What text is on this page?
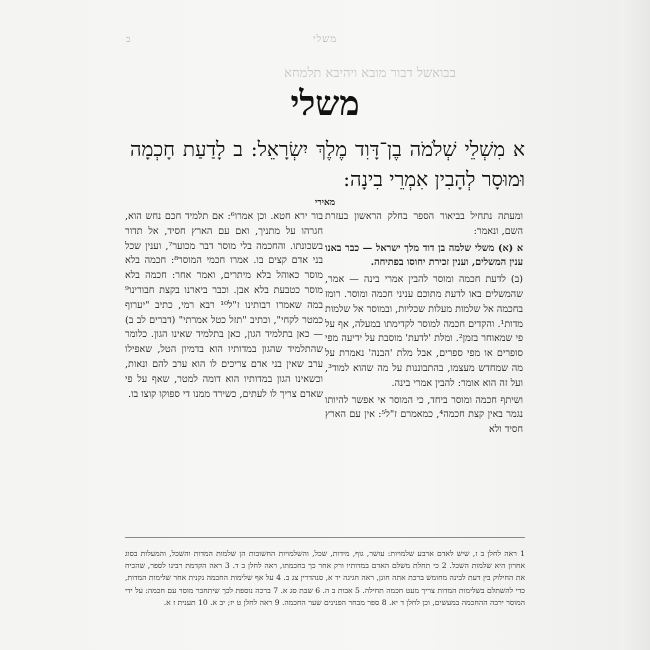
ב	משלי
בבואשל דבור מובא ויהיבא תלמחא
משלי
א מִשְׁלֵי שְׁלֹמֹה בֶן־דָּוִד מֶלֶךְ יִשְׂרָאֵל: ב לָדַעַת חָכְמָה וּמוּסָר לְהָבִין אִמְרֵי בִינָה:
מאירי

ומעתה נתחיל בביאור הספר בחלק הראשון בעזרת השם, ונאמר:

א (א) משלי שלמה בן דוד מלך ישראל — כבר באנו ענין המשלים, וענין זכירת יחוסו בפתיחה.

(ב) לדעת חכמה ומוסר להבין אמרי בינה — אמר, שהמשלים באו לדעת מתוכם עניני חכמה ומוסר. רומז בחכמה אל שלמות מעלות שכליות, ובמוסר אל שלמות מדות¹. והקדים חכמה למוסר לקדימתו במעלה, אף על פי שמאוחר בזמן². ומלת 'לדעת' מוסבת על ידיעה מפי סופרים או מפי ספרים, אבל מלת 'הבנה' נאמרת על מה שמחדש מעצמו, בהתבוננות על מה שהוא למוד³, ועל זה הוא אומר: להבין אמרי בינה.

ושיתף חכמה ומוסר ביחד, כי המוסר אי אפשר להיותו נגמר באין קצת חכמה⁴, כמאמרם ז"ל⁵: אין עם הארץ חסיד ולא

בור ירא חטא. וכן אמרו⁶: אם תלמיד חכם נחש הוא, חגרהו על מתניך, ואם עם הארץ חסיד, אל תדור בשכונתו. והחכמה בלי מוסר דבר מכוער⁷, וענין שכל בני אדם קצים בו. אמרו חכמי המוסר⁸: חכמה בלא מוסר כאוהל בלא מיתרים, ואמר אחר: חכמה בלא מוסר כטבעת בלא אבן. וכבר ביארנו בקצת חבורינו⁹ במה שאמרו רבותינו ז"ל¹⁰ רבא רמי, כתיב "יערוף כמטר לקחי", וכתיב "תזל כטל אמרתי" (דברים לב ב) — כאן בתלמיד הגון, כאן בתלמיד שאינו הגון. כלומר שהתלמיד שהגון במדותיו הוא בדמיון הטל, שאפילו ערב שאין בני אדם צריכים לו הוא ערב להם ונאות, וכשאינו הגון במדותיו הוא דומה למטר, שאף על פי שאדם צריך לו לעתים, כשירד ממנו די ספוקו קוצו בו.

1 ראה לחלן ב ז, שיש לאדם ארבע שלמויות: עושר, גוף, מידות, שכל, והשלמויות החשובות הן שלמות המדות והשכל, והמעלות בסוג אחרון היא שלמות השכל. 2 כי תחלת משלם האדם במדותיו ורק אחר כך בחכמתו, ראה לחלן ב ד. 3 ראה הקדמת רבינו לספר, שהכיח את החילוק בין דעת לבינה מחומש ברכת אתה חונן, ראה חגיגה יד א, סנהדרין צג ב. 4 על אף שלימות החכמה נקנית אחר שלימות המדות, כדי להשתלם בשלימות המדות צריך מעט חכמה תחילה. 5 אבות ב ה. 6 שבת סג א. 7 ברכה נוספת לכך שיתחבר מוסר עם חכמה: על ידי המוסר ירבה ההחכמה במעשים, וכן לחלן ד יא. 8 ספר מבחר הפנינים שער החכמה. 9 ראה לחלן ט יז; יב א. 10 תענית ז א.
